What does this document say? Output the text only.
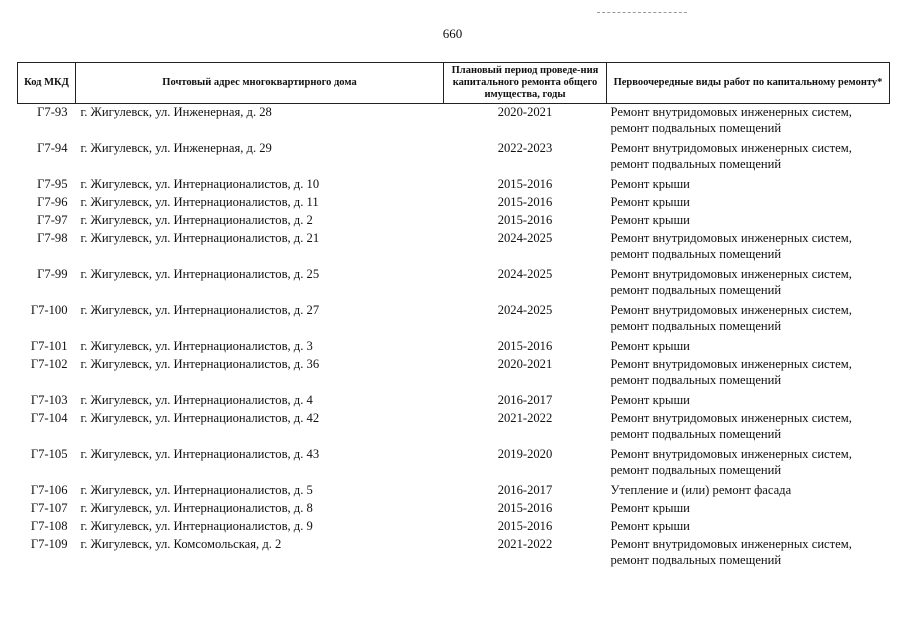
660
Код МКД	Почтовый адрес многоквартирного дома	Плановый период проведе-ния капитального ремонта общего имущества, годы	Первоочередные виды работ по капитальному ремонту*
Г7-93	г. Жигулевск, ул. Инженерная, д. 28	2020-2021	Ремонт внутридомовых инженерных систем,
ремонт подвальных помещений

Г7-94	г. Жигулевск, ул. Инженерная, д. 29	2022-2023	Ремонт внутридомовых инженерных систем,
ремонт подвальных помещений

Г7-95	г. Жигулевск, ул. Интернационалистов, д. 10	2015-2016	Ремонт крыши

Г7-96	г. Жигулевск, ул. Интернационалистов, д. 11	2015-2016	Ремонт крыши

Г7-97	г. Жигулевск, ул. Интернационалистов, д. 2	2015-2016	Ремонт крыши

Г7-98	г. Жигулевск, ул. Интернационалистов, д. 21	2024-2025	Ремонт внутридомовых инженерных систем,
ремонт подвальных помещений

Г7-99	г. Жигулевск, ул. Интернационалистов, д. 25	2024-2025	Ремонт внутридомовых инженерных систем,
ремонт подвальных помещений

Г7-100	г. Жигулевск, ул. Интернационалистов, д. 27	2024-2025	Ремонт внутридомовых инженерных систем,
ремонт подвальных помещений

Г7-101	г. Жигулевск, ул. Интернационалистов, д. 3	2015-2016	Ремонт крыши

Г7-102	г. Жигулевск, ул. Интернационалистов, д. 36	2020-2021	Ремонт внутридомовых инженерных систем,
ремонт подвальных помещений

Г7-103	г. Жигулевск, ул. Интернационалистов, д. 4	2016-2017	Ремонт крыши

Г7-104	г. Жигулевск, ул. Интернационалистов, д. 42	2021-2022	Ремонт внутридомовых инженерных систем,
ремонт подвальных помещений

Г7-105	г. Жигулевск, ул. Интернационалистов, д. 43	2019-2020	Ремонт внутридомовых инженерных систем,
ремонт подвальных помещений

Г7-106	г. Жигулевск, ул. Интернационалистов, д. 5	2016-2017	Утепление и (или) ремонт фасада

Г7-107	г. Жигулевск, ул. Интернационалистов, д. 8	2015-2016	Ремонт крыши

Г7-108	г. Жигулевск, ул. Интернационалистов, д. 9	2015-2016	Ремонт крыши

Г7-109	г. Жигулевск, ул. Комсомольская, д. 2	2021-2022	Ремонт внутридомовых инженерных систем,
ремонт подвальных помещений
